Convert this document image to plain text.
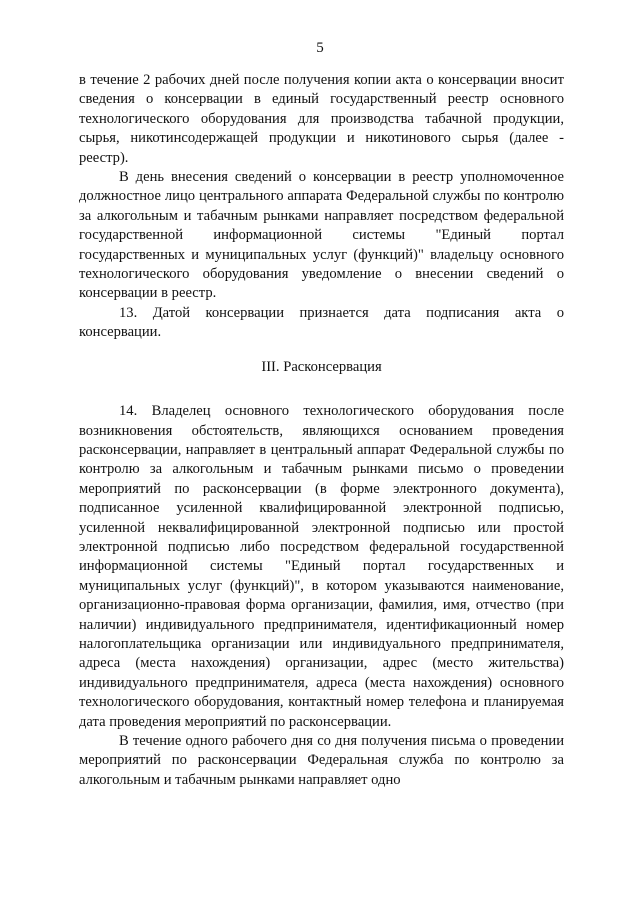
5

в течение 2 рабочих дней после получения копии акта о консервации вносит сведения о консервации в единый государственный реестр основного технологического оборудования для производства табачной продукции, сырья, никотинсодержащей продукции и никотинового сырья (далее - реестр).

В день внесения сведений о консервации в реестр уполномоченное должностное лицо центрального аппарата Федеральной службы по контролю за алкогольным и табачным рынками направляет посредством федеральной государственной информационной системы "Единый портал государственных и муниципальных услуг (функций)" владельцу основного технологического оборудования уведомление о внесении сведений о консервации в реестр.

13. Датой консервации признается дата подписания акта о консервации.

III. Расконсервация

14. Владелец основного технологического оборудования после возникновения обстоятельств, являющихся основанием проведения расконсервации, направляет в центральный аппарат Федеральной службы по контролю за алкогольным и табачным рынками письмо о проведении мероприятий по расконсервации (в форме электронного документа), подписанное усиленной квалифицированной электронной подписью, усиленной неквалифицированной электронной подписью или простой электронной подписью либо посредством федеральной государственной информационной системы "Единый портал государственных и муниципальных услуг (функций)", в котором указываются наименование, организационно-правовая форма организации, фамилия, имя, отчество (при наличии) индивидуального предпринимателя, идентификационный номер налогоплательщика организации или индивидуального предпринимателя, адреса (места нахождения) организации, адрес (место жительства) индивидуального предпринимателя, адреса (места нахождения) основного технологического оборудования, контактный номер телефона и планируемая дата проведения мероприятий по расконсервации.

В течение одного рабочего дня со дня получения письма о проведении мероприятий по расконсервации Федеральная служба по контролю за алкогольным и табачным рынками направляет одно
